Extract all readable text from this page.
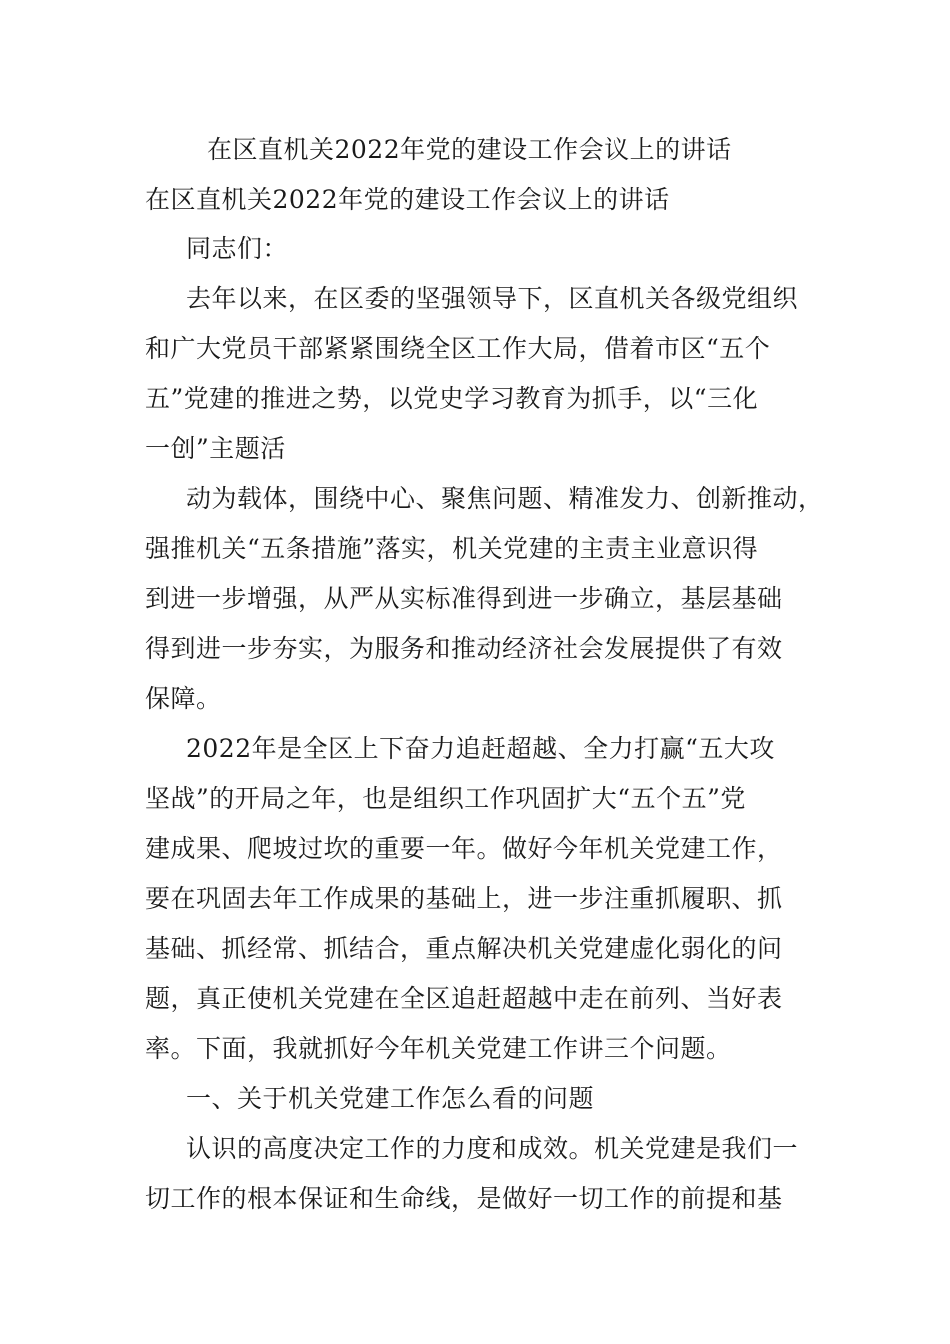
在区直机关2022年党的建设工作会议上的讲话
在区直机关2022年党的建设工作会议上的讲话
同志们：
去年以来，在区委的坚强领导下，区直机关各级党组织
和广大党员干部紧紧围绕全区工作大局，借着市区“五个
五”党建的推进之势，以党史学习教育为抓手，以“三化
一创”主题活
动为载体，围绕中心、聚焦问题、精准发力、创新推动，
强推机关“五条措施”落实，机关党建的主责主业意识得
到进一步增强，从严从实标准得到进一步确立，基层基础
得到进一步夯实，为服务和推动经济社会发展提供了有效
保障。
2022年是全区上下奋力追赶超越、全力打赢“五大攻
坚战”的开局之年，也是组织工作巩固扩大“五个五”党
建成果、爬坡过坎的重要一年。做好今年机关党建工作，
要在巩固去年工作成果的基础上，进一步注重抓履职、抓
基础、抓经常、抓结合，重点解决机关党建虚化弱化的问
题，真正使机关党建在全区追赶超越中走在前列、当好表
率。下面，我就抓好今年机关党建工作讲三个问题。
一、关于机关党建工作怎么看的问题
认识的高度决定工作的力度和成效。机关党建是我们一
切工作的根本保证和生命线，是做好一切工作的前提和基
